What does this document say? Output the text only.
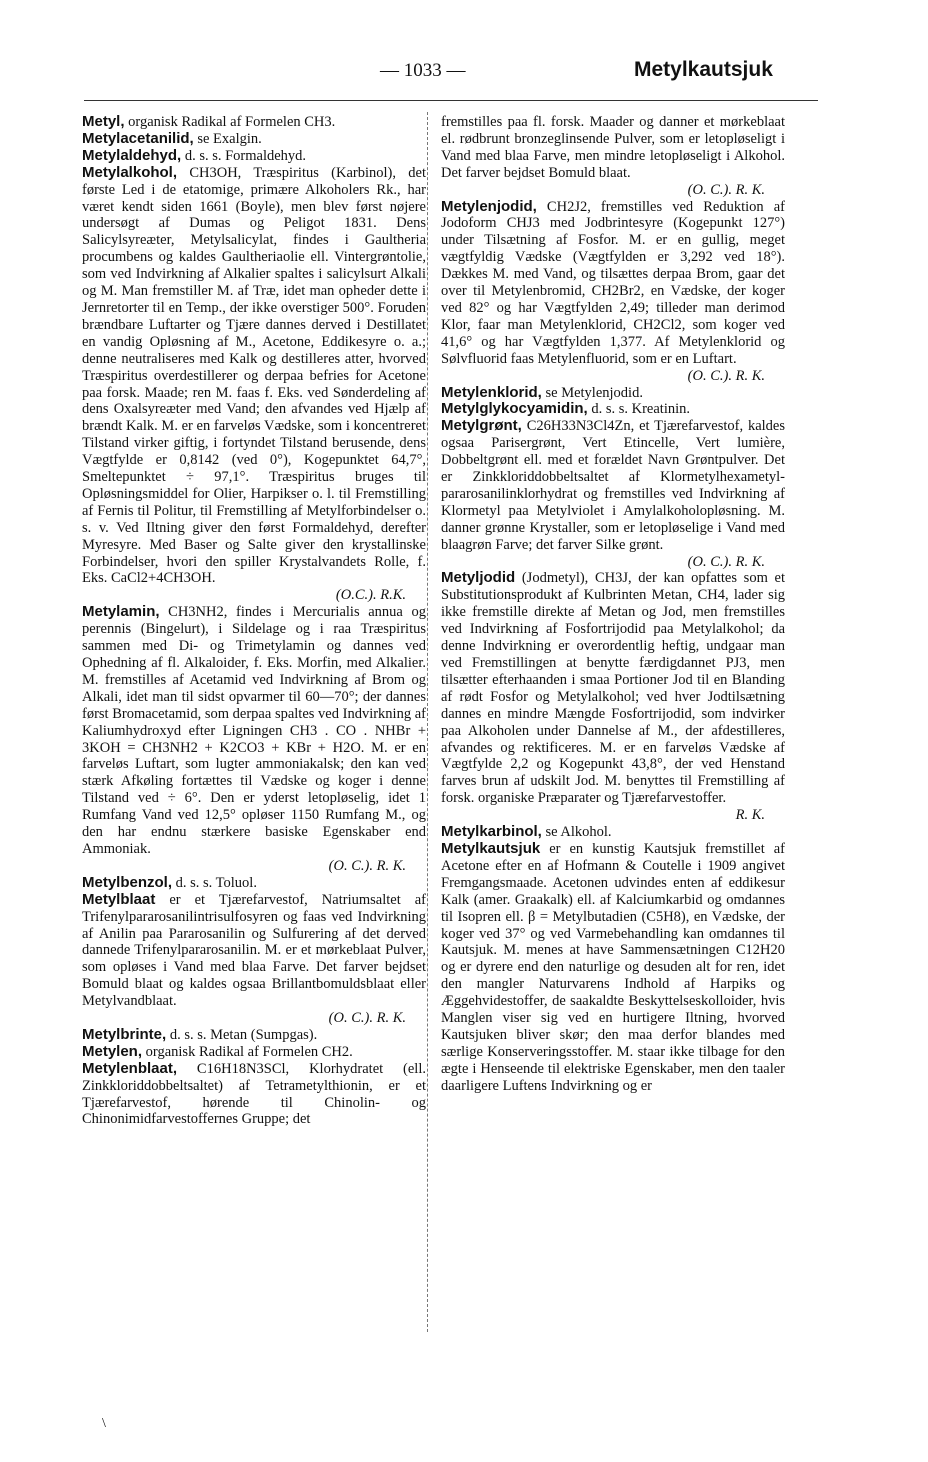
— 1033 —	Metylkautsjuk

Metyl, organisk Radikal af Formelen CH3.

Metylacetanilid, se Exalgin.

Metylaldehyd, d. s. s. Formaldehyd.

Metylalkohol, CH3OH, Træspiritus (Karbinol), det første Led i de etatomige, primære Alkoholers Rk., har været kendt siden 1661 (Boyle), men blev først nøjere undersøgt af Dumas og Peligot 1831. Dens Salicylsyreæter, Metylsalicylat, findes i Gaultheria procumbens og kaldes Gaultheriaolie ell. Vintergrøntolie, som ved Indvirkning af Alkalier spaltes i salicylsurt Alkali og M. Man fremstiller M. af Træ, idet man opheder dette i Jernretorter til en Temp., der ikke overstiger 500°. Foruden brændbare Luftarter og Tjære dannes derved i Destillatet en vandig Opløsning af M., Acetone, Eddikesyre o. a.; denne neutraliseres med Kalk og destilleres atter, hvorved Træspiritus overdestillerer og derpaa befries for Acetone paa forsk. Maade; ren M. faas f. Eks. ved Sønderdeling af dens Oxalsyreæter med Vand; den afvandes ved Hjælp af brændt Kalk. M. er en farveløs Vædske, som i koncentreret Tilstand virker giftig, i fortyndet Tilstand berusende, dens Vægtfylde er 0,8142 (ved 0°), Kogepunktet 64,7°, Smeltepunktet ÷ 97,1°. Træspiritus bruges til Opløsningsmiddel for Olier, Harpikser o. l. til Fremstilling af Fernis til Politur, til Fremstilling af Metylforbindelser o. s. v. Ved Iltning giver den først Formaldehyd, derefter Myresyre. Med Baser og Salte giver den krystallinske Forbindelser, hvori den spiller Krystalvandets Rolle, f. Eks. CaCl2+4CH3OH.
(O.C.). R.K.

Metylamin, CH3NH2, findes i Mercurialis annua og perennis (Bingelurt), i Sildelage og i raa Træspiritus sammen med Di- og Trimetylamin og dannes ved Ophedning af fl. Alkaloider, f. Eks. Morfin, med Alkalier. M. fremstilles af Acetamid ved Indvirkning af Brom og Alkali, idet man til sidst opvarmer til 60—70°; der dannes først Bromacetamid, som derpaa spaltes ved Indvirkning af Kaliumhydroxyd efter Ligningen CH3 . CO . NHBr + 3KOH = CH3NH2 + K2CO3 + KBr + H2O. M. er en farveløs Luftart, som lugter ammoniakalsk; den kan ved stærk Afkøling fortættes til Vædske og koger i denne Tilstand ved ÷ 6°. Den er yderst letopløselig, idet 1 Rumfang Vand ved 12,5° opløser 1150 Rumfang M., og den har endnu stærkere basiske Egenskaber end Ammoniak.
(O. C.). R. K.

Metylbenzol, d. s. s. Toluol.

Metylblaat er et Tjærefarvestof, Natriumsaltet af Trifenylpararosanilintrisulfosyren og faas ved Indvirkning af Anilin paa Pararosanilin og Sulfurering af det derved dannede Trifenylpararosanilin. M. er et mørkeblaat Pulver, som opløses i Vand med blaa Farve. Det farver bejdset Bomuld blaat og kaldes ogsaa Brillantbomuldsblaat eller Metylvandblaat.
(O. C.). R. K.

Metylbrinte, d. s. s. Metan (Sumpgas).

Metylen, organisk Radikal af Formelen CH2.

Metylenblaat, C16H18N3SCl, Klorhydratet (ell. Zinkkloriddobbeltsaltet) af Tetrametylthionin, er et Tjærefarvestof, hørende til Chinolin- og Chinonimidfarvestoffernes Gruppe; det

fremstilles paa fl. forsk. Maader og danner et mørkeblaat el. rødbrunt bronzeglinsende Pulver, som er letopløseligt i Vand med blaa Farve, men mindre letopløseligt i Alkohol. Det farver bejdset Bomuld blaat.
(O. C.). R. K.

Metylenjodid, CH2J2, fremstilles ved Reduktion af Jodoform CHJ3 med Jodbrintesyre (Kogepunkt 127°) under Tilsætning af Fosfor. M. er en gullig, meget vægtfyldig Vædske (Vægtfylden er 3,292 ved 18°). Dækkes M. med Vand, og tilsættes derpaa Brom, gaar det over til Metylenbromid, CH2Br2, en Vædske, der koger ved 82° og har Vægtfylden 2,49; tilleder man derimod Klor, faar man Metylenklorid, CH2Cl2, som koger ved 41,6° og har Vægtfylden 1,377. Af Metylenklorid og Sølvfluorid faas Metylenfluorid, som er en Luftart.
(O. C.). R. K.

Metylenklorid, se Metylenjodid.

Metylglykocyamidin, d. s. s. Kreatinin.

Metylgrønt, C26H33N3Cl4Zn, et Tjærefarvestof, kaldes ogsaa Parisergrønt, Vert Etincelle, Vert lumière, Dobbeltgrønt ell. med et forældet Navn Grøntpulver. Det er Zinkkloriddobbeltsaltet af Klormetylhexametyl-pararosanilinklorhydrat og fremstilles ved Indvirkning af Klormetyl paa Metylviolet i Amylalkoholopløsning. M. danner grønne Krystaller, som er letopløselige i Vand med blaagrøn Farve; det farver Silke grønt.
(O. C.). R. K.

Metyljodid (Jodmetyl), CH3J, der kan opfattes som et Substitutionsprodukt af Kulbrinten Metan, CH4, lader sig ikke fremstille direkte af Metan og Jod, men fremstilles ved Indvirkning af Fosfortrijodid paa Metylalkohol; da denne Indvirkning er overordentlig heftig, undgaar man ved Fremstillingen at benytte færdigdannet PJ3, men tilsætter efterhaanden i smaa Portioner Jod til en Blanding af rødt Fosfor og Metylalkohol; ved hver Jodtilsætning dannes en mindre Mængde Fosfortrijodid, som indvirker paa Alkoholen under Dannelse af M., der afdestilleres, afvandes og rektificeres. M. er en farveløs Vædske af Vægtfylde 2,2 og Kogepunkt 43,8°, der ved Henstand farves brun af udskilt Jod. M. benyttes til Fremstilling af forsk. organiske Præparater og Tjærefarvestoffer.
R. K.

Metylkarbinol, se Alkohol.

Metylkautsjuk er en kunstig Kautsjuk fremstillet af Acetone efter en af Hofmann & Coutelle i 1909 angivet Fremgangsmaade. Acetonen udvindes enten af eddikesur Kalk (amer. Graakalk) ell. af Kalciumkarbid og omdannes til Isopren ell. β = Metylbutadien (C5H8), en Vædske, der koger ved 37° og ved Varmebehandling kan omdannes til Kautsjuk. M. menes at have Sammensætningen C12H20 og er dyrere end den naturlige og desuden alt for ren, idet den mangler Naturvarens Indhold af Harpiks og Æggehvidestoffer, de saakaldte Beskyttelseskolloider, hvis Manglen viser sig ved en hurtigere Iltning, hvorved Kautsjuken bliver skør; den maa derfor blandes med særlige Konserveringsstoffer. M. staar ikke tilbage for den ægte i Henseende til elektriske Egenskaber, men den taaler daarligere Luftens Indvirkning og er

\
